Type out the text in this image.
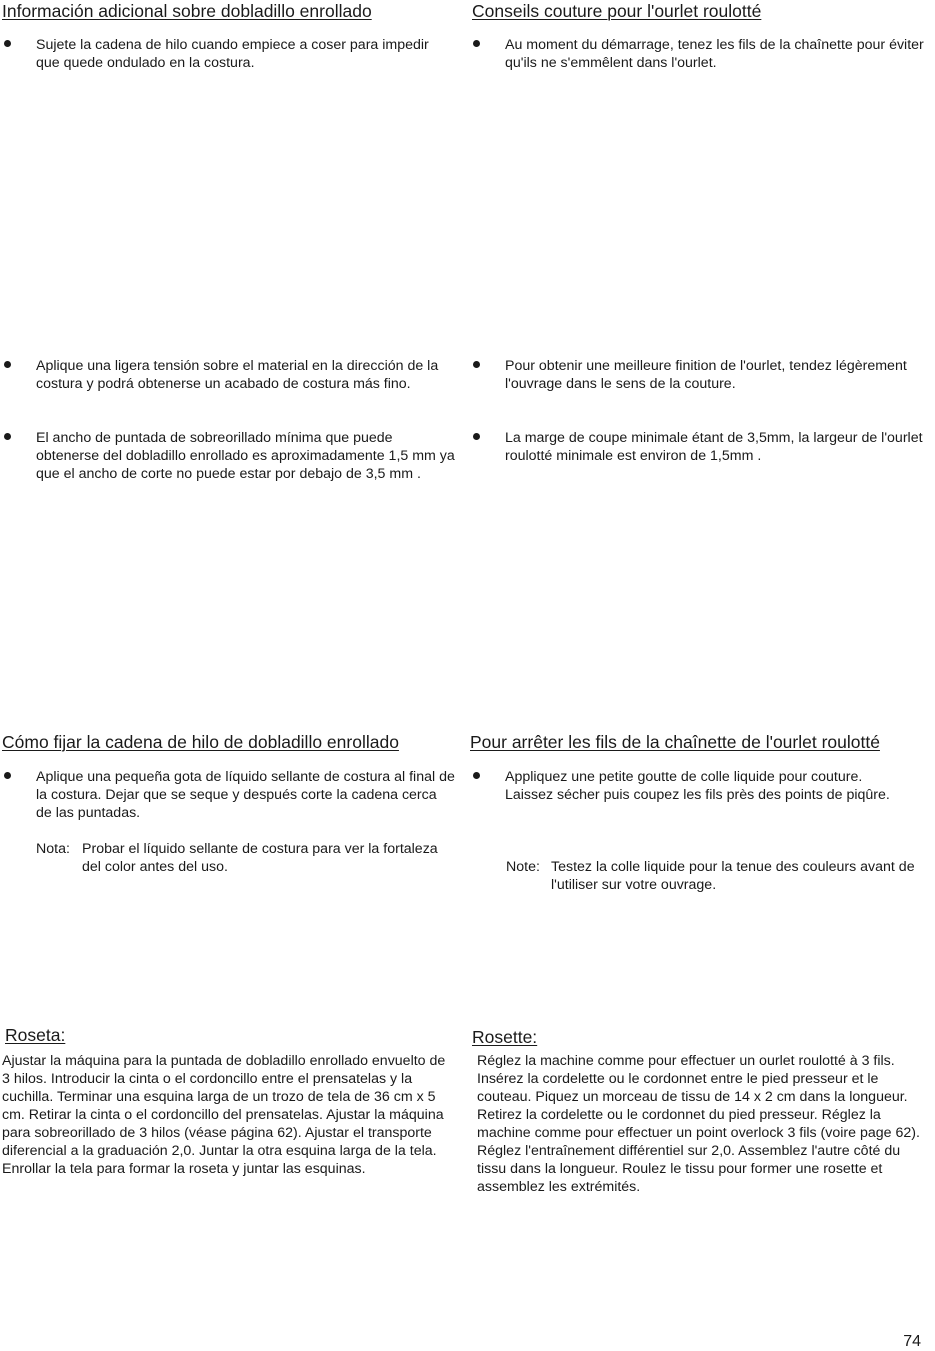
Información adicional sobre dobladillo enrollado
Sujete la cadena de hilo cuando empiece a coser para impedir que quede ondulado en la costura.
Aplique una ligera tensión sobre el material en la dirección de la costura y podrá obtenerse un acabado de costura más fino.
El ancho de puntada de sobreorillado mínima que puede obtenerse del dobladillo enrollado es aproximadamente 1,5 mm ya que el ancho de corte no puede estar por debajo de 3,5 mm .
Cómo fijar la cadena de hilo de dobladillo enrollado
Aplique una pequeña gota de líquido sellante de costura al final de la costura. Dejar que se seque y después corte la cadena cerca de las puntadas.
Nota: Probar el líquido sellante de costura para ver la fortaleza del color antes del uso.
Roseta:
Ajustar la máquina para la puntada de dobladillo enrollado envuelto de 3 hilos. Introducir la cinta o el cordoncillo entre el prensatelas y la cuchilla. Terminar una esquina larga de un trozo de tela de 36 cm x 5 cm. Retirar la cinta o el cordoncillo del prensatelas. Ajustar la máquina para sobreorillado de 3 hilos (véase página 62). Ajustar el transporte diferencial a la graduación 2,0. Juntar la otra esquina larga de la tela. Enrollar la tela para formar la roseta y juntar las esquinas.
Conseils couture pour l'ourlet roulotté
Au moment du démarrage, tenez les fils de la chaînette pour éviter qu'ils ne s'emmêlent dans l'ourlet.
Pour obtenir une meilleure finition de l'ourlet, tendez légèrement l'ouvrage dans le sens de la couture.
La marge de coupe minimale étant de 3,5mm, la largeur de l'ourlet roulotté minimale est environ de 1,5mm .
Pour arrêter les fils de la chaînette de l'ourlet roulotté
Appliquez une petite goutte de colle liquide pour couture. Laissez sécher puis coupez les fils près des points de piqûre.
Note: Testez la colle liquide pour la tenue des couleurs avant de l'utiliser sur votre ouvrage.
Rosette:
Réglez la machine comme pour effectuer un ourlet roulotté à 3 fils. Insérez la cordelette ou le cordonnet entre le pied presseur et le couteau. Piquez un morceau de tissu de 14 x 2 cm dans la longueur. Retirez la cordelette ou le cordonnet du pied presseur. Réglez la machine comme pour effectuer un point overlock 3 fils (voire page 62). Réglez l'entraînement différentiel sur 2,0. Assemblez l'autre côté du tissu dans la longueur. Roulez le tissu pour former une rosette et assemblez les extrémités.
74
